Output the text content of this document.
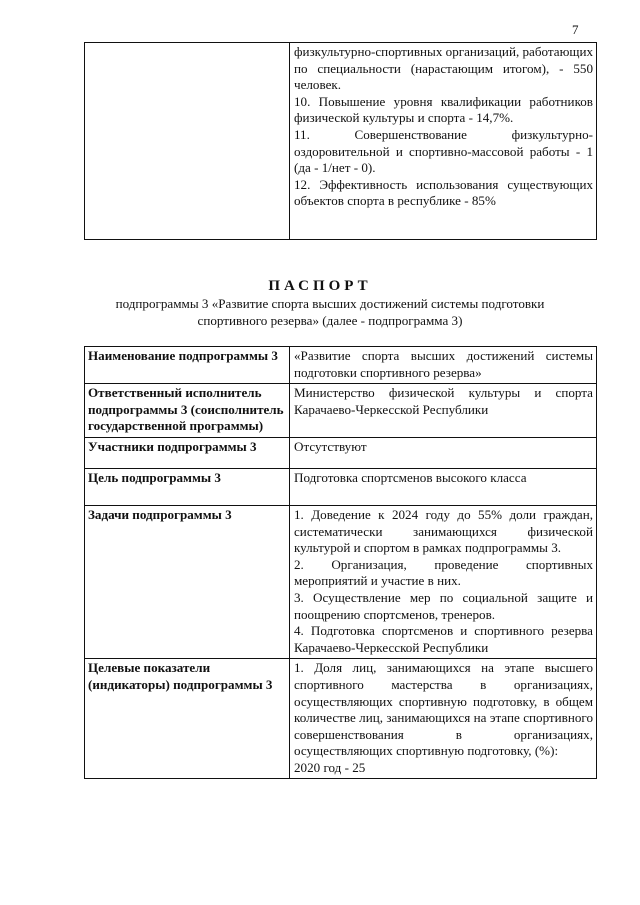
7

физкультурно-спортивных организаций, работающих по специальности (нарастающим итогом), - 550 человек.

10. Повышение уровня квалификации работников физической культуры и спорта - 14,7%.

11. Совершенствование физкультурно-оздоровительной и спортивно-массовой работы - 1 (да - 1/нет - 0).

12. Эффективность использования существующих объектов спорта в республике - 85%

ПАСПОРТ
подпрограммы 3 «Развитие спорта высших достижений системы подготовки спортивного резерва» (далее - подпрограмма 3)
Наименование подпрограммы 3	«Развитие спорта высших достижений системы подготовки спортивного резерва»

Ответственный исполнитель подпрограммы 3 (соисполнитель государственной программы)	Министерство физической культуры и спорта Карачаево-Черкесской Республики

Участники подпрограммы 3	Отсутствуют

Цель подпрограммы 3	Подготовка спортсменов высокого класса

Задачи подпрограммы 3	1. Доведение к 2024 году до 55% доли граждан, систематически занимающихся физической культурой и спортом в рамках подпрограммы 3.

2. Организация, проведение спортивных мероприятий и участие в них.

3. Осуществление мер по социальной защите и поощрению спортсменов, тренеров.

4. Подготовка спортсменов и спортивного резерва Карачаево-Черкесской Республики

Целевые показатели (индикаторы) подпрограммы 3	1. Доля лиц, занимающихся на этапе высшего спортивного мастерства в организациях, осуществляющих спортивную подготовку, в общем количестве лиц, занимающихся на этапе спортивного совершенствования в организациях, осуществляющих спортивную подготовку, (%):

2020 год - 25
